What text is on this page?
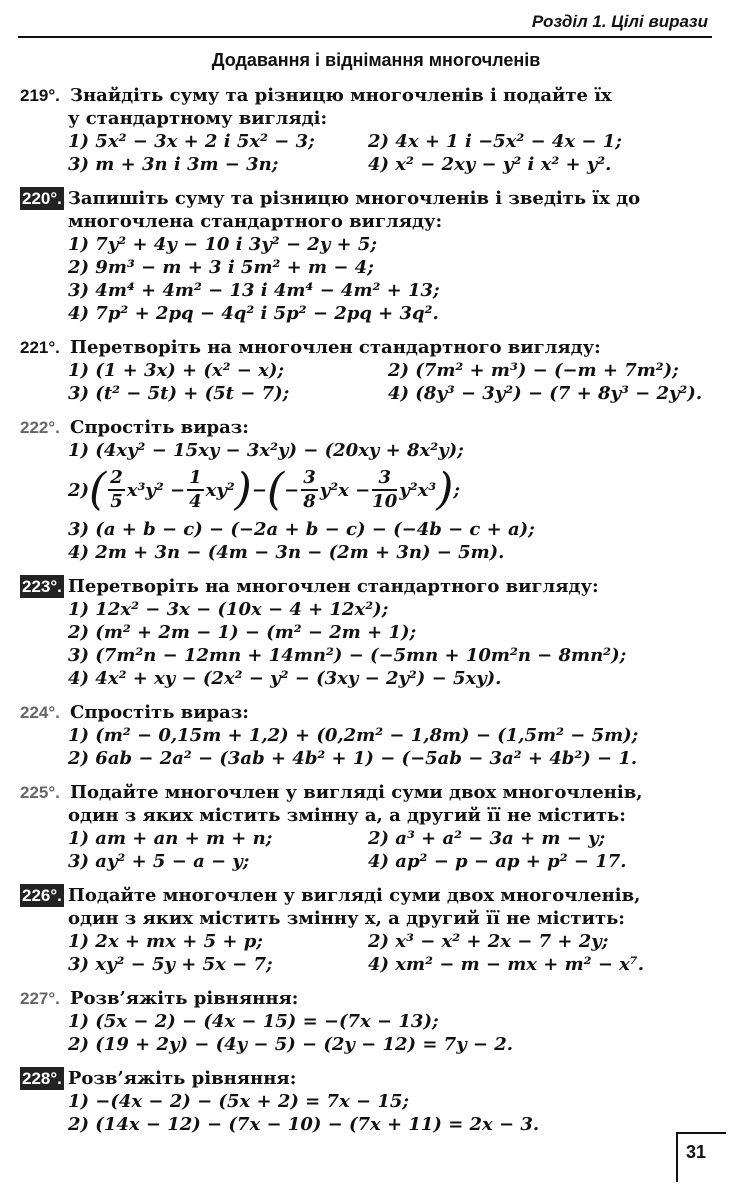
Розділ 1. Цілі вирази
Додавання і віднімання многочленів
219°. Знайдіть суму та різницю многочленів і подайте їх
у стандартному вигляді:
1) 5x² − 3x + 2 і 5x² − 3;	2) 4x + 1 і −5x² − 4x − 1;
3) m + 3n і 3m − 3n;	4) x² − 2xy − y² і x² + y².
220°. Запишіть суму та різницю многочленів і зведіть їх до
многочлена стандартного вигляду:
1) 7y² + 4y − 10 і 3y² − 2y + 5;
2) 9m³ − m + 3 і 5m² + m − 4;
3) 4m⁴ + 4m² − 13 і 4m⁴ − 4m² + 13;
4) 7p² + 2pq − 4q² і 5p² − 2pq + 3q².
221°. Перетворіть на многочлен стандартного вигляду:
1) (1 + 3x) + (x² − x);	2) (7m² + m³) − (−m + 7m²);
3) (t² − 5t) + (5t − 7);	4) (8y³ − 3y²) − (7 + 8y³ − 2y²).
222°. Спростіть вираз:
1) (4xy² − 15xy − 3x²y) − (20xy + 8x²y);
2) ( $\frac{2}{5} x^3y^2 - \frac{1}{4} xy^2$ ) − ( − $\frac{3}{8} y^2x - \frac{3}{10} y^2x^3$ ) ;
3) (a + b − c) − (−2a + b − c) − (−4b − c + a);
4) 2m + 3n − (4m − 3n − (2m + 3n) − 5m).
223°. Перетворіть на многочлен стандартного вигляду:
1) 12x² − 3x − (10x − 4 + 12x²);
2) (m² + 2m − 1) − (m² − 2m + 1);
3) (7m²n − 12mn + 14mn²) − (−5mn + 10m²n − 8mn²);
4) 4x² + xy − (2x² − y² − (3xy − 2y²) − 5xy).
224°. Спростіть вираз:
1) (m² − 0,15m + 1,2) + (0,2m² − 1,8m) − (1,5m² − 5m);
2) 6ab − 2a² − (3ab + 4b² + 1) − (−5ab − 3a² + 4b²) − 1.
225°. Подайте многочлен у вигляді суми двох многочленів,
один з яких містить змінну a, а другий її не містить:
1) am + an + m + n;	2) a³ + a² − 3a + m − y;
3) ay² + 5 − a − y;	4) ap² − p − ap + p² − 17.
226°. Подайте многочлен у вигляді суми двох многочленів,
один з яких містить змінну x, а другий її не містить:
1) 2x + mx + 5 + p;	2) x³ − x² + 2x − 7 + 2y;
3) xy² − 5y + 5x − 7;	4) xm² − m − mx + m² − x⁷.
227°. Розв’яжіть рівняння:
1) (5x − 2) − (4x − 15) = −(7x − 13);
2) (19 + 2y) − (4y − 5) − (2y − 12) = 7y − 2.
228°. Розв’яжіть рівняння:
1) −(4x − 2) − (5x + 2) = 7x − 15;
2) (14x − 12) − (7x − 10) − (7x + 11) = 2x − 3.
31
